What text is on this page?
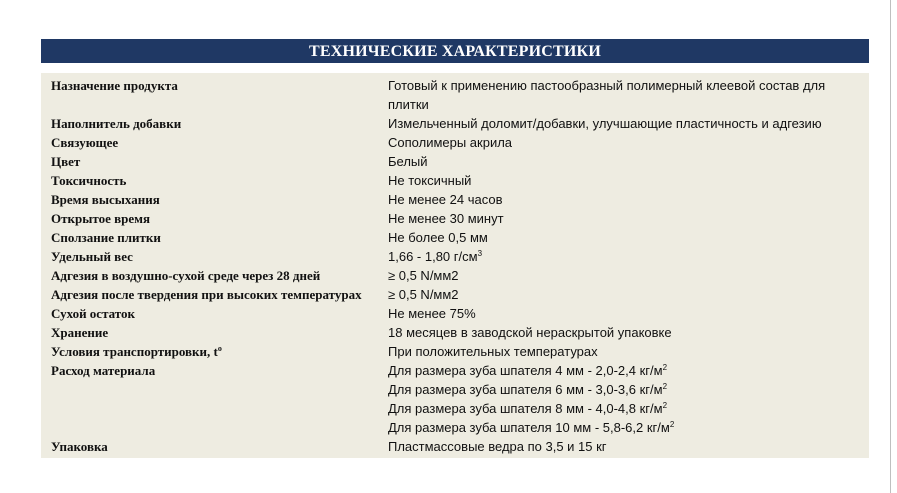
ТЕХНИЧЕСКИЕ ХАРАКТЕРИСТИКИ
Назначение продукта	Готовый к применению пастообразный полимерный клеевой состав для плитки
Наполнитель добавки	Измельченный доломит/добавки, улучшающие пластичность и адгезию
Связующее	Сополимеры акрила
Цвет	Белый
Токсичность	Не токсичный
Время высыхания	Не менее 24 часов
Открытое время	Не менее 30 минут
Сползание плитки	Не более 0,5 мм
Удельный вес	1,66 - 1,80 $г/см^3$
Адгезия в воздушно-сухой среде через 28 дней	≥ 0,5 N/мм2
Адгезия после твердения при высоких температурах	≥ 0,5 N/мм2
Сухой остаток	Не менее 75%
Хранение	18 месяцев в заводской нераскрытой упаковке
Условия транспортировки, $t^о$	При положительных температурах
Расход материала	Для размера зуба шпателя 4 мм - 2,0-2,4 $кг/м^2$
Для размера зуба шпателя 6 мм - 3,0-3,6 $кг/м^2$
Для размера зуба шпателя 8 мм - 4,0-4,8 $кг/м^2$
Для размера зуба шпателя 10 мм - 5,8-6,2 $кг/м^2$

Упаковка	Пластмассовые ведра по 3,5 и 15 кг
